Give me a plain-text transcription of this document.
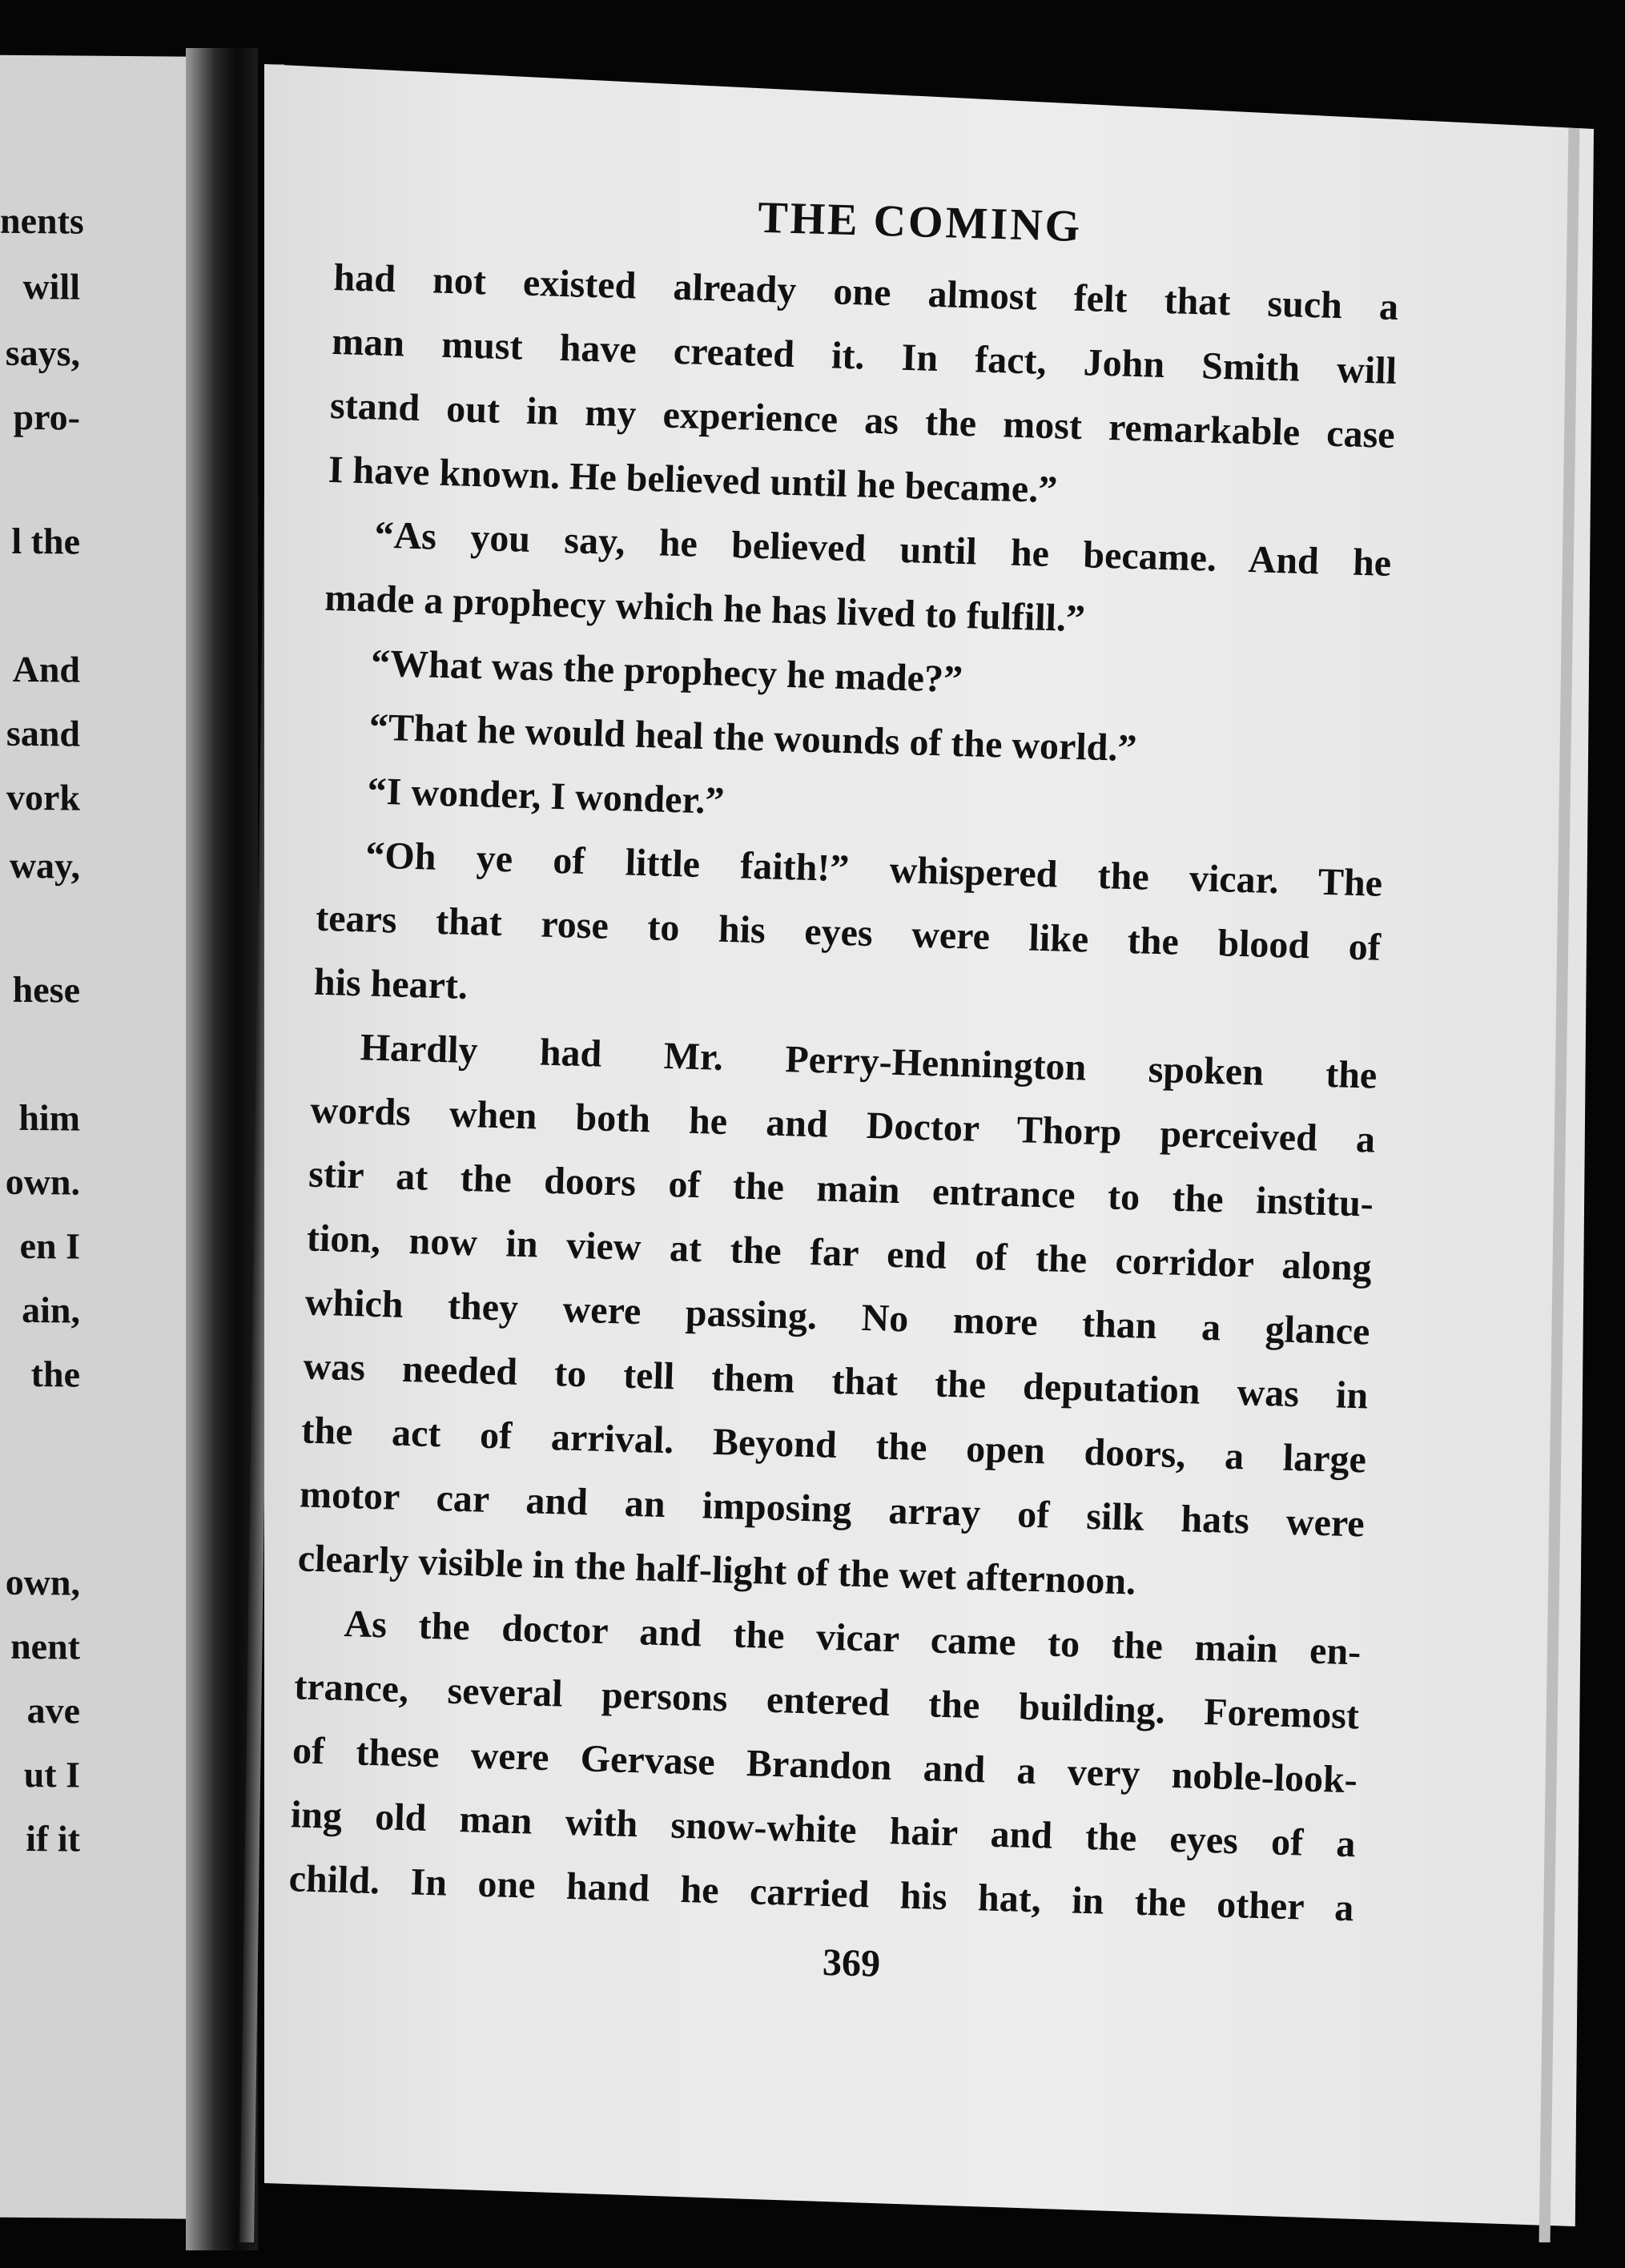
nents
will
says,
pro-
l the
And
sand
vork
way,
hese
him
own.
en I
ain,
the
own,
nent
ave
ut I
if it
THE COMING
had not existed already one almost felt that such a
man must have created it. In fact, John Smith will
stand out in my experience as the most remarkable case
I have known. He believed until he became.”
“As you say, he believed until he became. And he
made a prophecy which he has lived to fulfill.”
“What was the prophecy he made?”
“That he would heal the wounds of the world.”
“I wonder, I wonder.”
“Oh ye of little faith!” whispered the vicar. The
tears that rose to his eyes were like the blood of
his heart.
Hardly had Mr. Perry-Hennington spoken the
words when both he and Doctor Thorp perceived a
stir at the doors of the main entrance to the institu-
tion, now in view at the far end of the corridor along
which they were passing. No more than a glance
was needed to tell them that the deputation was in
the act of arrival. Beyond the open doors, a large
motor car and an imposing array of silk hats were
clearly visible in the half-light of the wet afternoon.
As the doctor and the vicar came to the main en-
trance, several persons entered the building. Foremost
of these were Gervase Brandon and a very noble-look-
ing old man with snow-white hair and the eyes of a
child. In one hand he carried his hat, in the other a
369
